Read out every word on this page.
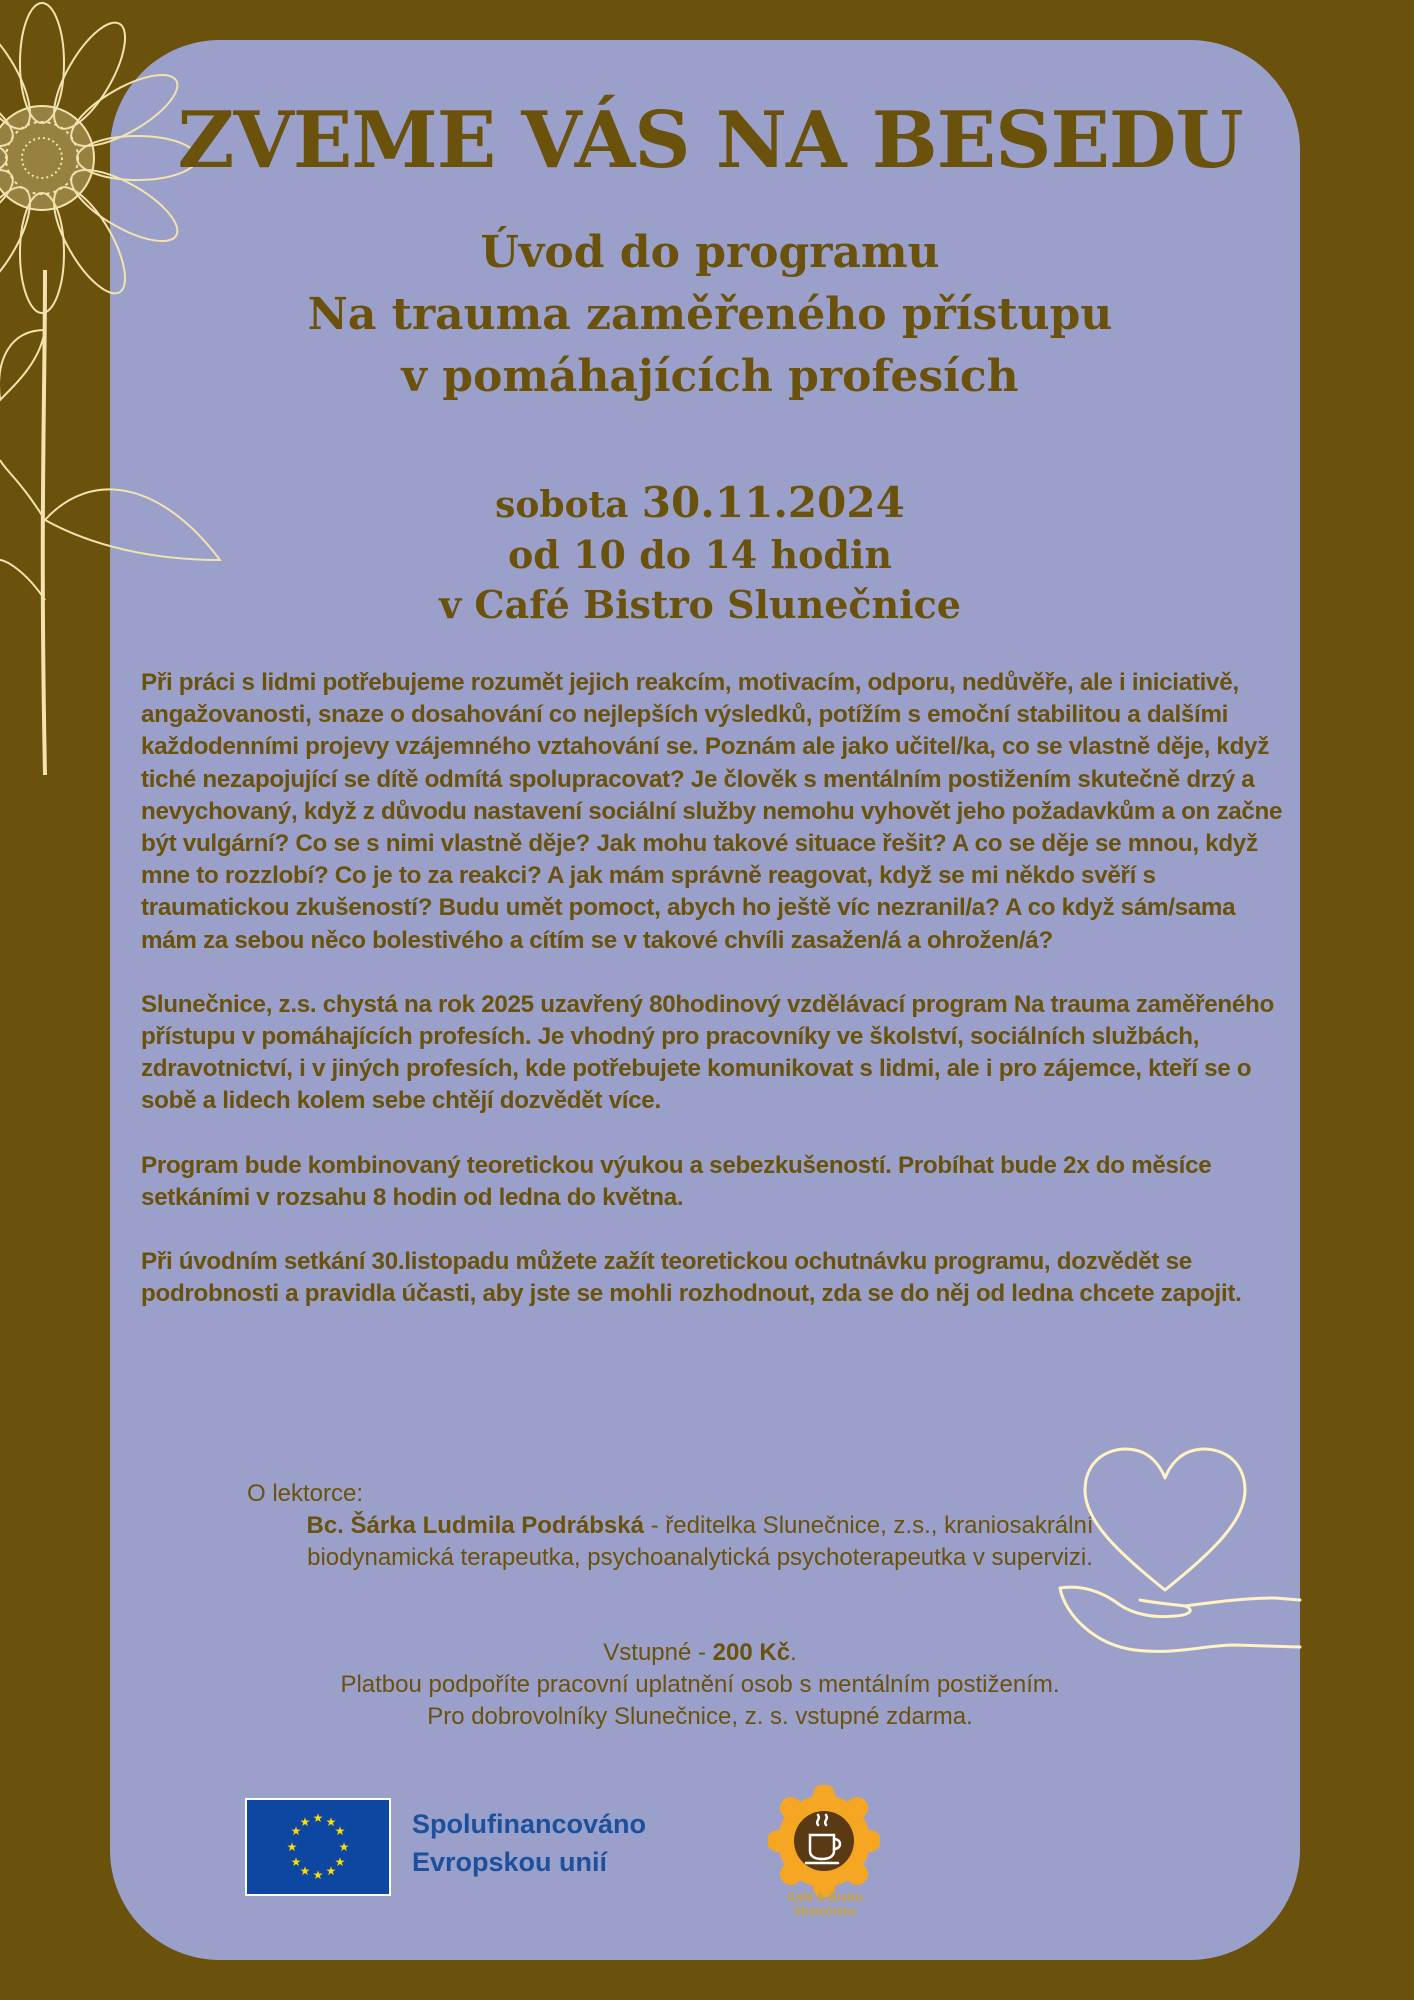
ZVEME VÁS NA BESEDU
Úvod do programu
Na trauma zaměřeného přístupu
v pomáhajících profesích
sobota 30.11.2024
od 10 do 14 hodin
v Café Bistro Slunečnice

Při práci s lidmi potřebujeme rozumět jejich reakcím, motivacím, odporu, nedůvěře, ale i iniciativě, angažovanosti, snaze o dosahování co nejlepších výsledků, potížím s emoční stabilitou a dalšími každodenními projevy vzájemného vztahování se. Poznám ale jako učitel/ka, co se vlastně děje, když tiché nezapojující se dítě odmítá spolupracovat? Je člověk s mentálním postižením skutečně drzý a nevychovaný, když z důvodu nastavení sociální služby nemohu vyhovět jeho požadavkům a on začne být vulgární? Co se s nimi vlastně děje? Jak mohu takové situace řešit? A co se děje se mnou, když mne to rozzlobí? Co je to za reakci? A jak mám správně reagovat, když se mi někdo svěří s traumatickou zkušeností? Budu umět pomoct, abych ho ještě víc nezranil/a? A co když sám/sama mám za sebou něco bolestivého a cítím se v takové chvíli zasažen/á a ohrožen/á?

Slunečnice, z.s. chystá na rok 2025 uzavřený 80hodinový vzdělávací program Na trauma zaměřeného přístupu v pomáhajících profesích. Je vhodný pro pracovníky ve školství, sociálních službách, zdravotnictví, i v jiných profesích, kde potřebujete komunikovat s lidmi, ale i pro zájemce, kteří se o sobě a lidech kolem sebe chtějí dozvědět více.

Program bude kombinovaný teoretickou výukou a sebezkušeností. Probíhat bude 2x do měsíce setkáními v rozsahu 8 hodin od ledna do května.

Při úvodním setkání 30.listopadu můžete zažít teoretickou ochutnávku programu, dozvědět se podrobnosti a pravidla účasti, aby jste se mohli rozhodnout, zda se do něj od ledna chcete zapojit.

O lektorce:
Bc. Šárka Ludmila Podrábská - ředitelka Slunečnice, z.s., kraniosakrální biodynamická terapeutka, psychoanalytická psychoterapeutka v supervizi.
Vstupné - 200 Kč.
Platbou podpoříte pracovní uplatnění osob s mentálním postižením.
Pro dobrovolníky Slunečnice, z. s. vstupné zdarma.
★ ★
★
★
★
★
★
★
★
★
★
★	Spolufinancováno
Evropskou unií
Café & Bistro
Slunečnice
